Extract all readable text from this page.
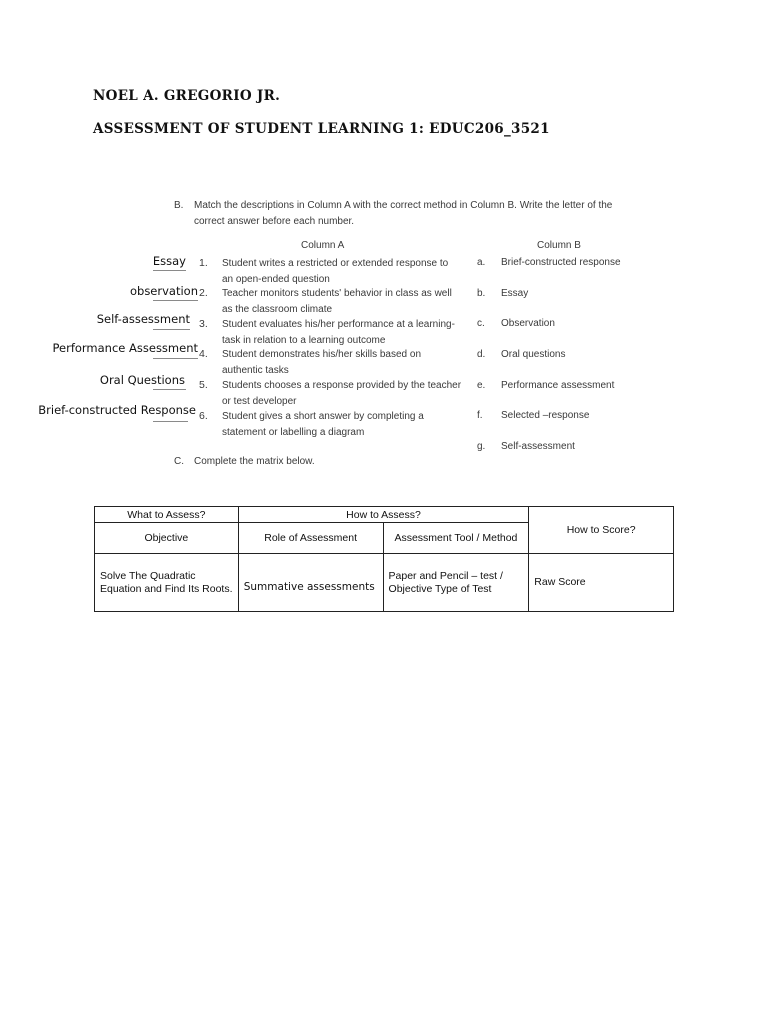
NOEL A. GREGORIO JR.
ASSESSMENT OF STUDENT LEARNING 1: EDUC206_3521
B. Match the descriptions in Column A with the correct method in Column B. Write the letter of the
correct answer before each number.
Column A	Column B
Essay 1. Student writes a restricted or extended response to an open-ended question
observation 2. Teacher monitors students' behavior in class as well as the classroom climate
Self-assessment 3. Student evaluates his/her performance at a learning-task in relation to a learning outcome
Performance Assessment 4. Student demonstrates his/her skills based on authentic tasks
Oral Questions 5. Students chooses a response provided by the teacher or test developer
Brief-constructed Response 6. Student gives a short answer by completing a statement or labelling a diagram
a. Brief-constructed response
b. Essay
c. Observation
d. Oral questions
e. Performance assessment
f. Selected –response
g. Self-assessment
C. Complete the matrix below.
What to Assess?	How to Assess?		How to Score?
Objective	Role of Assessment	Assessment Tool / Method	
Solve The Quadratic Equation and Find Its Roots.	Summative assessments	Paper and Pencil – test / Objective Type of Test	Raw Score
